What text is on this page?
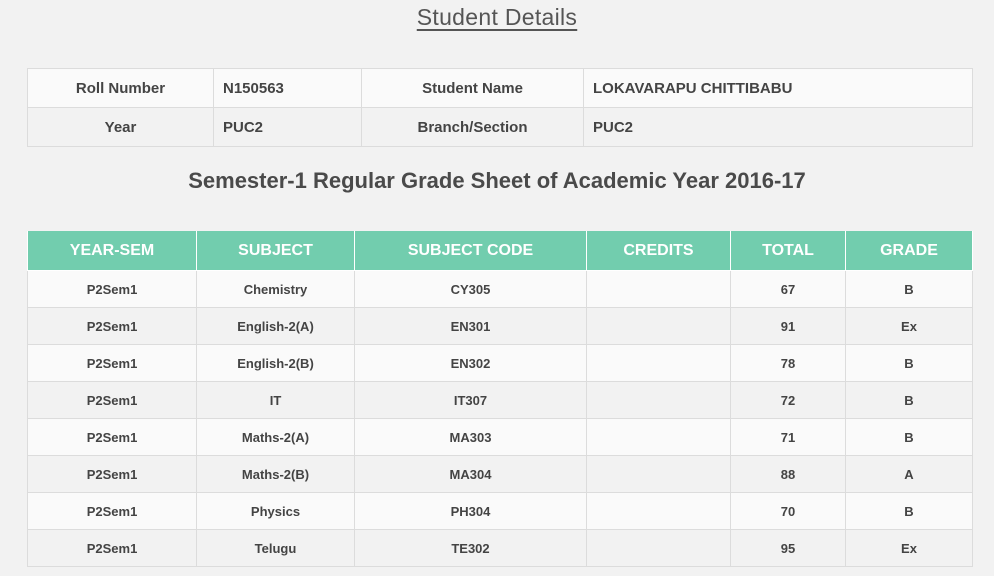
Student Details
Roll Number	N150563	Student Name	LOKAVARAPU CHITTIBABU
Year	PUC2	Branch/Section	PUC2
Semester-1 Regular Grade Sheet of Academic Year 2016-17
YEAR-SEM	SUBJECT	SUBJECT CODE	CREDITS	TOTAL	GRADE
P2Sem1	Chemistry	CY305		67	B
P2Sem1	English-2(A)	EN301		91	Ex
P2Sem1	English-2(B)	EN302		78	B
P2Sem1	IT	IT307		72	B
P2Sem1	Maths-2(A)	MA303		71	B
P2Sem1	Maths-2(B)	MA304		88	A
P2Sem1	Physics	PH304		70	B
P2Sem1	Telugu	TE302		95	Ex
